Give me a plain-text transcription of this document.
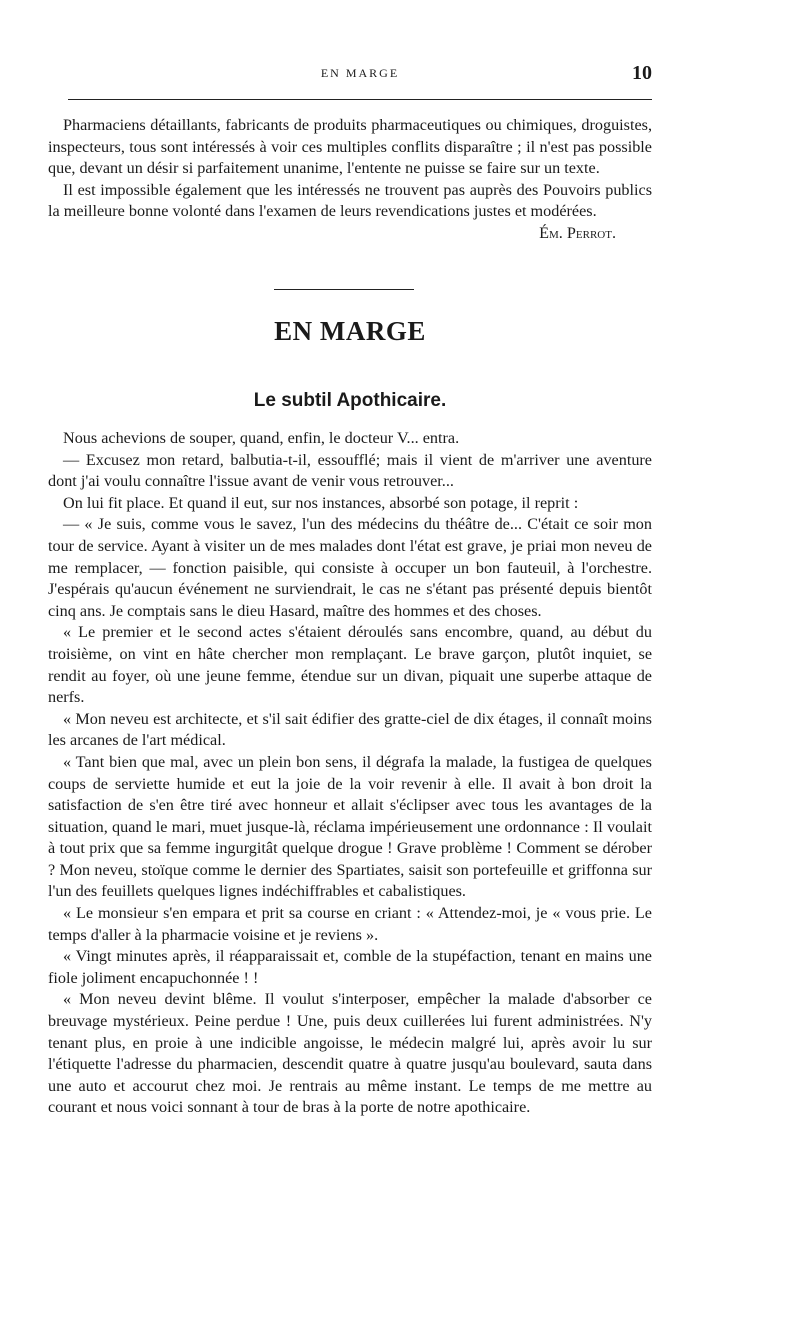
EN MARGE	10

Pharmaciens détaillants, fabricants de produits pharmaceutiques ou chimiques, droguistes, inspecteurs, tous sont intéressés à voir ces multiples conflits disparaître ; il n'est pas possible que, devant un désir si parfaitement unanime, l'entente ne puisse se faire sur un texte.

Il est impossible également que les intéressés ne trouvent pas auprès des Pouvoirs publics la meilleure bonne volonté dans l'examen de leurs revendications justes et modérées.

Ém. Perrot.
EN MARGE
Le subtil Apothicaire.

Nous achevions de souper, quand, enfin, le docteur V... entra.

— Excusez mon retard, balbutia-t-il, essoufflé; mais il vient de m'arriver une aventure dont j'ai voulu connaître l'issue avant de venir vous retrouver...

On lui fit place. Et quand il eut, sur nos instances, absorbé son potage, il reprit :

— « Je suis, comme vous le savez, l'un des médecins du théâtre de... C'était ce soir mon tour de service. Ayant à visiter un de mes malades dont l'état est grave, je priai mon neveu de me remplacer, — fonction paisible, qui consiste à occuper un bon fauteuil, à l'orchestre. J'espérais qu'aucun événement ne surviendrait, le cas ne s'étant pas présenté depuis bientôt cinq ans. Je comptais sans le dieu Hasard, maître des hommes et des choses.

« Le premier et le second actes s'étaient déroulés sans encombre, quand, au début du troisième, on vint en hâte chercher mon remplaçant. Le brave garçon, plutôt inquiet, se rendit au foyer, où une jeune femme, étendue sur un divan, piquait une superbe attaque de nerfs.

« Mon neveu est architecte, et s'il sait édifier des gratte-ciel de dix étages, il connaît moins les arcanes de l'art médical.

« Tant bien que mal, avec un plein bon sens, il dégrafa la malade, la fustigea de quelques coups de serviette humide et eut la joie de la voir revenir à elle. Il avait à bon droit la satisfaction de s'en être tiré avec honneur et allait s'éclipser avec tous les avantages de la situation, quand le mari, muet jusque-là, réclama impérieusement une ordonnance : Il voulait à tout prix que sa femme ingurgitât quelque drogue ! Grave problème ! Comment se dérober ? Mon neveu, stoïque comme le dernier des Spartiates, saisit son portefeuille et griffonna sur l'un des feuillets quelques lignes indéchiffrables et cabalistiques.

« Le monsieur s'en empara et prit sa course en criant : « Attendez-moi, je « vous prie. Le temps d'aller à la pharmacie voisine et je reviens ».

« Vingt minutes après, il réapparaissait et, comble de la stupéfaction, tenant en mains une fiole joliment encapuchonnée ! !

« Mon neveu devint blême. Il voulut s'interposer, empêcher la malade d'absorber ce breuvage mystérieux. Peine perdue ! Une, puis deux cuillerées lui furent administrées. N'y tenant plus, en proie à une indicible angoisse, le médecin malgré lui, après avoir lu sur l'étiquette l'adresse du pharmacien, descendit quatre à quatre jusqu'au boulevard, sauta dans une auto et accourut chez moi. Je rentrais au même instant. Le temps de me mettre au courant et nous voici sonnant à tour de bras à la porte de notre apothicaire.
